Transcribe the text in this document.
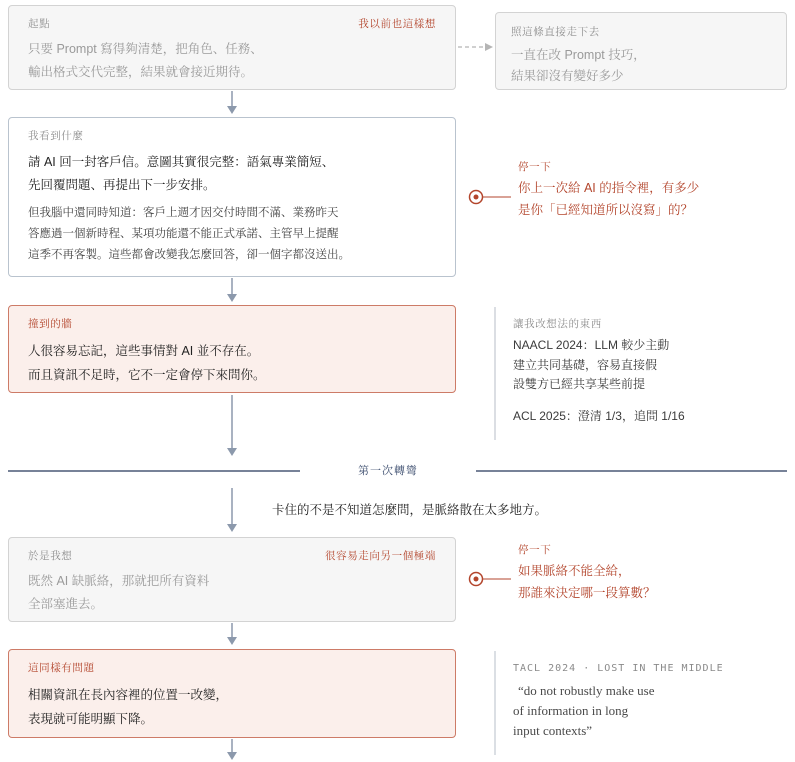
起點	我以前也這樣想
只要 Prompt 寫得夠清楚，把角色、任務、
輸出格式交代完整，結果就會接近期待。
照這條直接走下去
一直在改 Prompt 技巧，
結果卻沒有變好多少
我看到什麼
請 AI 回一封客戶信。意圖其實很完整：語氣專業簡短、
先回覆問題、再提出下一步安排。
但我腦中還同時知道：客戶上週才因交付時間不滿、業務昨天
答應過一個新時程、某項功能還不能正式承諾、主管早上提醒
這季不再客製。這些都會改變我怎麼回答，卻一個字都沒送出。
停一下
你上一次給 AI 的指令裡，有多少
是你「已經知道所以沒寫」的？
撞到的牆
人很容易忘記，這些事情對 AI 並不存在。
而且資訊不足時，它不一定會停下來問你。
讓我改想法的東西
NAACL 2024：LLM 較少主動
建立共同基礎，容易直接假
設雙方已經共享某些前提
ACL 2025：澄清 1/3，追問 1/16
第一次轉彎
卡住的不是不知道怎麼問，是脈絡散在太多地方。
於是我想	很容易走向另一個極端
既然 AI 缺脈絡，那就把所有資料
全部塞進去。
停一下
如果脈絡不能全給，
那誰來決定哪一段算數？
這同樣有問題
相關資訊在長內容裡的位置一改變，
表現就可能明顯下降。
TACL 2024 · LOST IN THE MIDDLE
“do not robustly make use
of information in long
input contexts”
